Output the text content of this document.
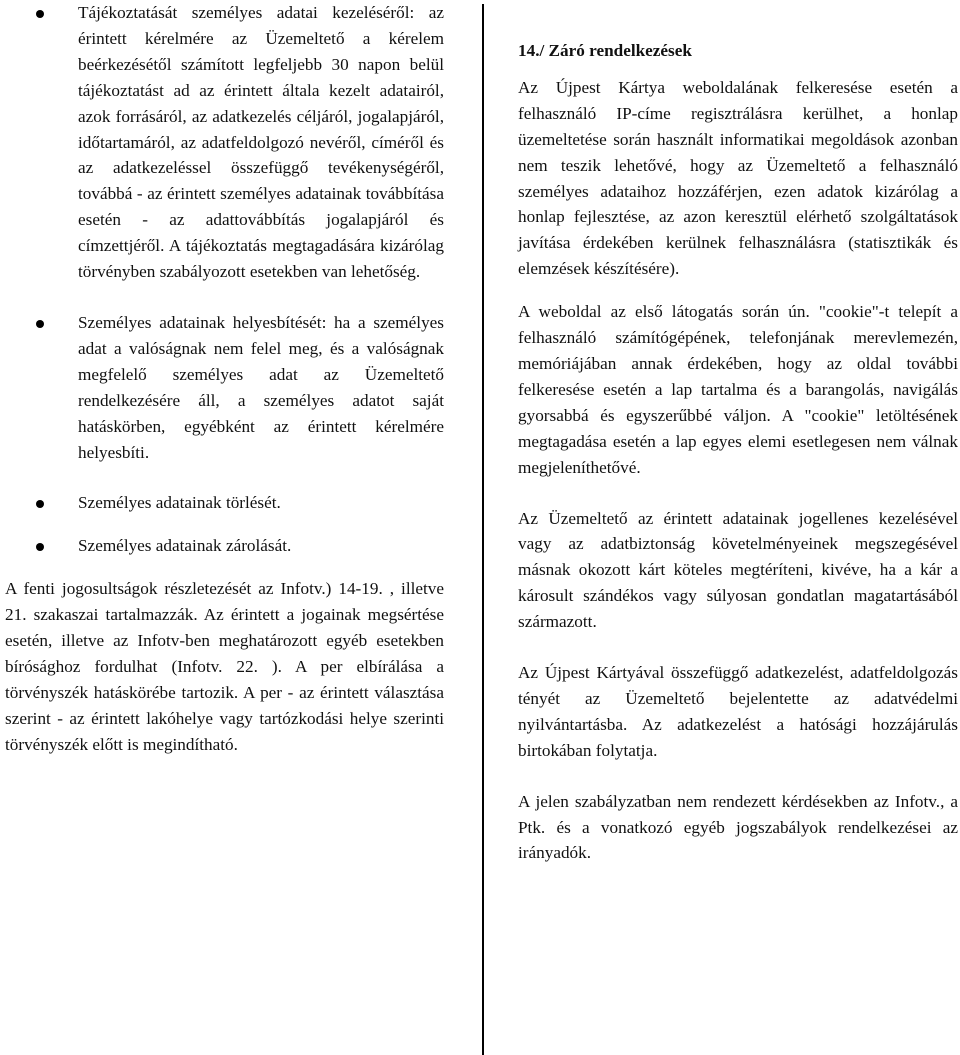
Tájékoztatását személyes adatai kezeléséről: az érintett kérelmére az Üzemeltető a kérelem beérkezésétől számított legfeljebb 30 napon belül tájékoztatást ad az érintett általa kezelt adatairól, azok forrásáról, az adatkezelés céljáról, jogalapjáról, időtartamáról, az adatfeldolgozó nevéről, címéről és az adatkezeléssel összefüggő tevékenységéről, továbbá - az érintett személyes adatainak továbbítása esetén - az adattovábbítás jogalapjáról és címzettjéről. A tájékoztatás megtagadására kizárólag törvényben szabályozott esetekben van lehetőség.
Személyes adatainak helyesbítését: ha a személyes adat a valóságnak nem felel meg, és a valóságnak megfelelő személyes adat az Üzemeltető rendelkezésére áll, a személyes adatot saját hatáskörben, egyébként az érintett kérelmére helyesbíti.
Személyes adatainak törlését.
Személyes adatainak zárolását.

A fenti jogosultságok részletezését az Infotv.) 14-19. , illetve 21. szakaszai tartalmazzák. Az érintett a jogainak megsértése esetén, illetve az Infotv-ben meghatározott egyéb esetekben bírósághoz fordulhat (Infotv. 22. ). A per elbírálása a törvényszék hatáskörébe tartozik. A per - az érintett választása szerint - az érintett lakóhelye vagy tartózkodási helye szerinti törvényszék előtt is megindítható.

14./ Záró rendelkezések

Az Újpest Kártya weboldalának felkeresése esetén a felhasználó IP-címe regisztrálásra kerülhet, a honlap üzemeltetése során használt informatikai megoldások azonban nem teszik lehetővé, hogy az Üzemeltető a felhasználó személyes adataihoz hozzáférjen, ezen adatok kizárólag a honlap fejlesztése, az azon keresztül elérhető szolgáltatások javítása érdekében kerülnek felhasználásra (statisztikák és elemzések készítésére).

A weboldal az első látogatás során ún. "cookie"-t telepít a felhasználó számítógépének, telefonjának merevlemezén, memóriájában annak érdekében, hogy az oldal további felkeresése esetén a lap tartalma és a barangolás, navigálás gyorsabbá és egyszerűbbé váljon. A "cookie" letöltésének megtagadása esetén a lap egyes elemi esetlegesen nem válnak megjeleníthetővé.

Az Üzemeltető az érintett adatainak jogellenes kezelésével vagy az adatbiztonság követelményeinek megszegésével másnak okozott kárt köteles megtéríteni, kivéve, ha a kár a károsult szándékos vagy súlyosan gondatlan magatartásából származott.

Az Újpest Kártyával összefüggő adatkezelést, adatfeldolgozás tényét az Üzemeltető bejelentette az adatvédelmi nyilvántartásba. Az adatkezelést a hatósági hozzájárulás birtokában folytatja.

A jelen szabályzatban nem rendezett kérdésekben az Infotv., a Ptk. és a vonatkozó egyéb jogszabályok rendelkezései az irányadók.
